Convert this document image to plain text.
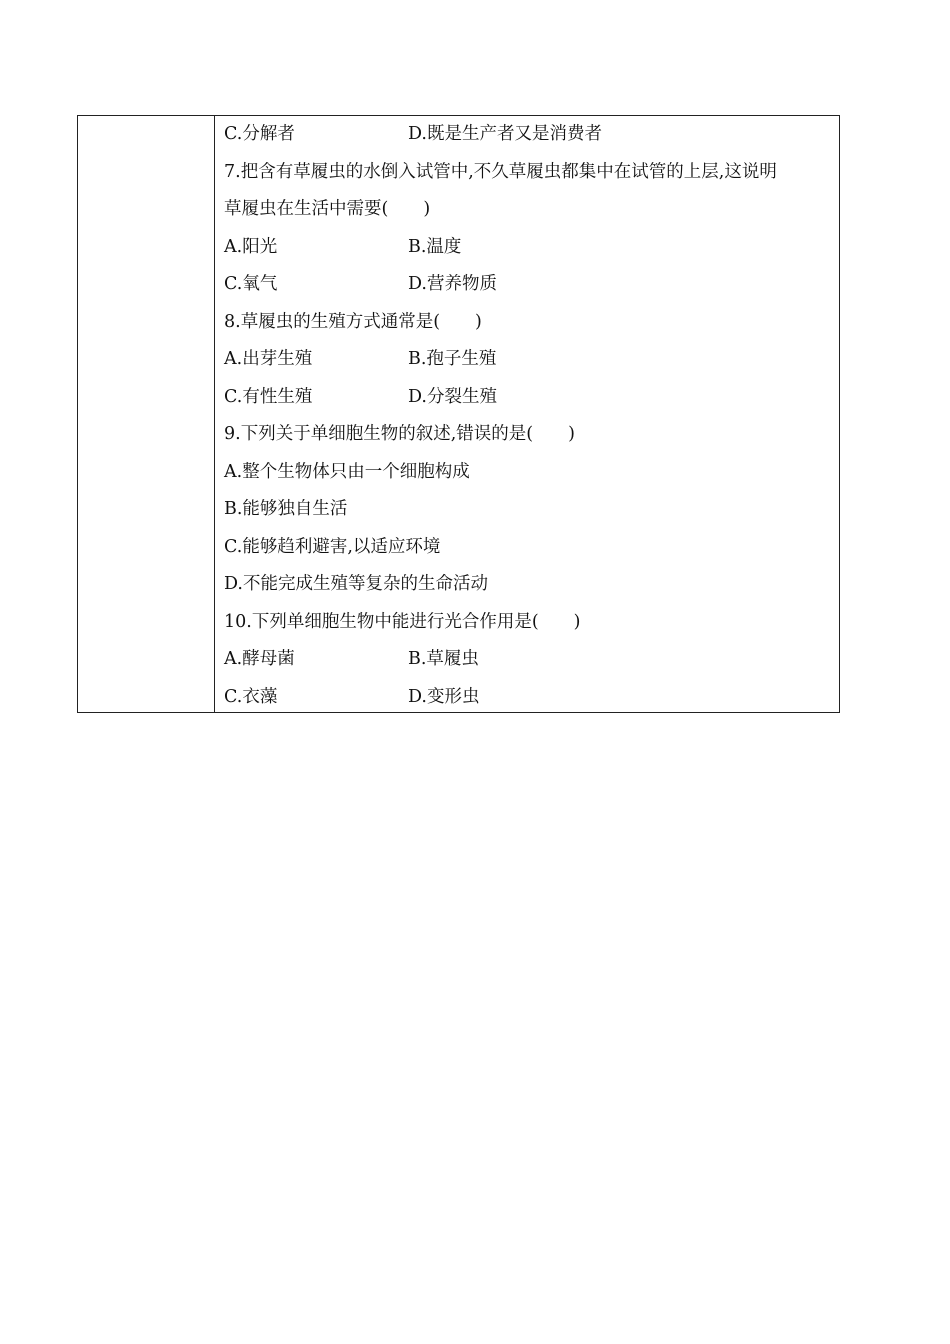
C.分解者	D.既是生产者又是消费者
7.把含有草履虫的水倒入试管中,不久草履虫都集中在试管的上层,这说明
草履虫在生活中需要(　　)
A.阳光	B.温度
C.氧气	D.营养物质
8.草履虫的生殖方式通常是(　　)
A.出芽生殖	B.孢子生殖
C.有性生殖	D.分裂生殖
9.下列关于单细胞生物的叙述,错误的是(　　)
A.整个生物体只由一个细胞构成
B.能够独自生活
C.能够趋利避害,以适应环境
D.不能完成生殖等复杂的生命活动
10.下列单细胞生物中能进行光合作用是(　　)
A.酵母菌	B.草履虫
C.衣藻	D.变形虫
